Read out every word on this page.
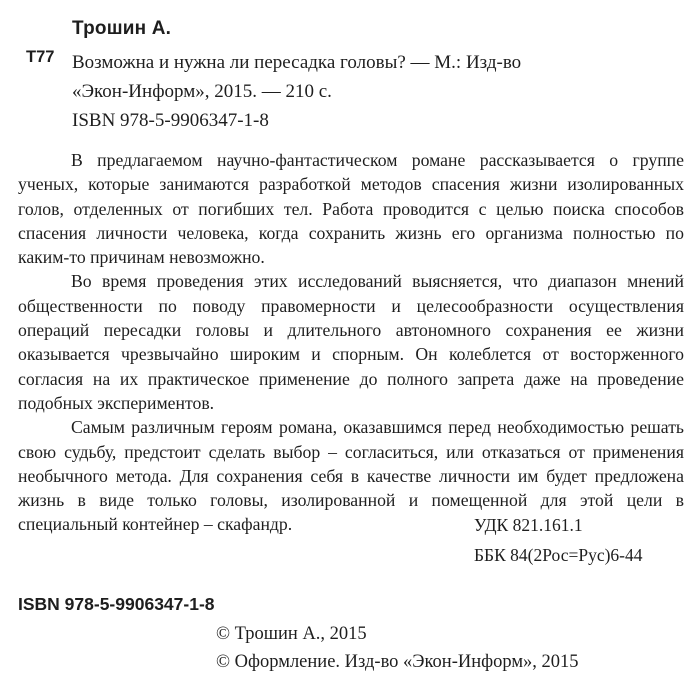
Трошин А.
Т77 Возможна и нужна ли пересадка головы? — М.: Изд-во
«Экон-Информ», 2015. — 210 с.
ISBN 978-5-9906347-1-8

В предлагаемом научно-фантастическом романе рассказывается о группе ученых, которые занимаются разработкой методов спасения жизни изолированных голов, отделенных от погибших тел. Работа проводится с целью поиска способов спасения личности человека, когда сохранить жизнь его организма полностью по каким-то причинам невозможно.

Во время проведения этих исследований выясняется, что диапазон мнений общественности по поводу правомерности и целесообразности осуществления операций пересадки головы и длительного автономного сохранения ее жизни оказывается чрезвычайно широким и спорным. Он колеблется от восторженного согласия на их практическое применение до полного запрета даже на проведение подобных экспериментов.

Самым различным героям романа, оказавшимся перед необходимостью решать свою судьбу, предстоит сделать выбор – согласиться, или отказаться от применения необычного метода. Для сохранения себя в качестве личности им будет предложена жизнь в виде только головы, изолированной и помещенной для этой цели в специальный контейнер – скафандр.	УДК 821.161.1
ББК 84(2Рос=Рус)6-44
ISBN 978-5-9906347-1-8
© Трошин А., 2015
© Оформление. Изд-во «Экон-Информ», 2015
